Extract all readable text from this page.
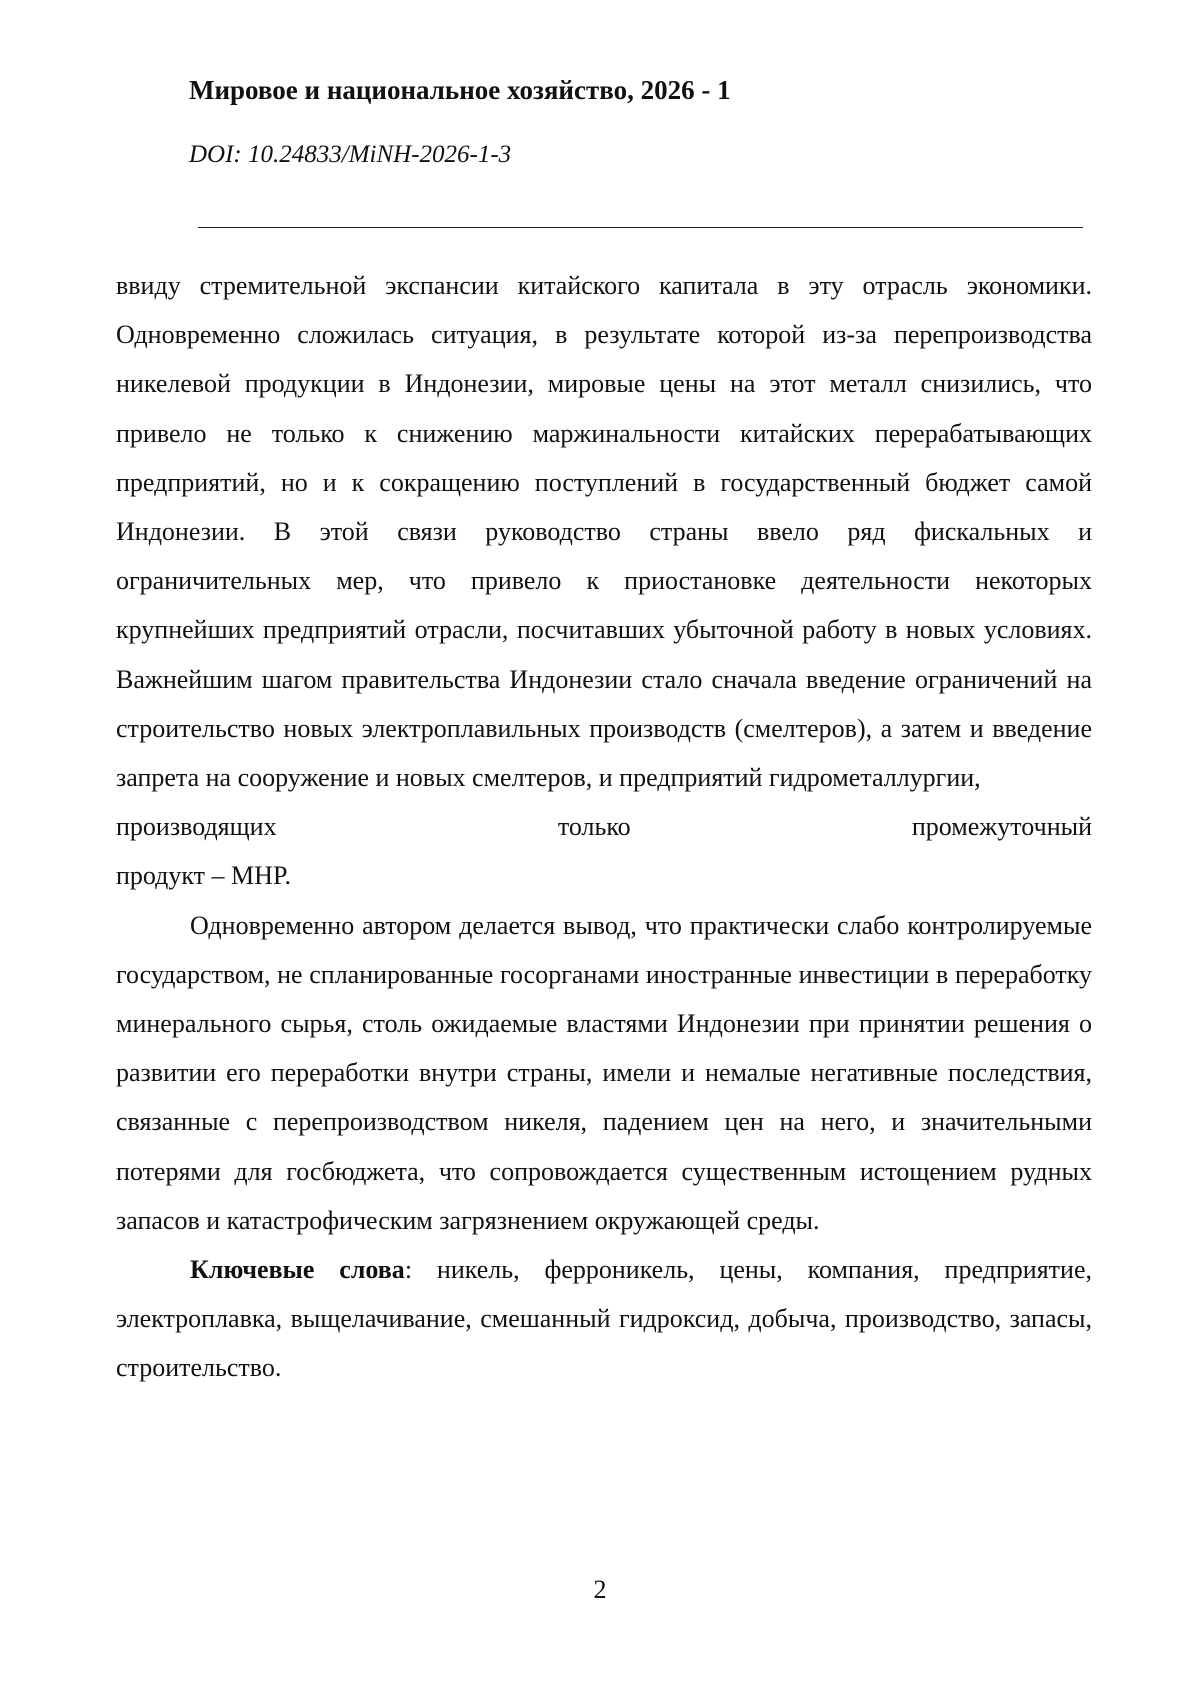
Мировое и национальное хозяйство, 2026 - 1
DOI: 10.24833/MiNH-2026-1-3

ввиду стремительной экспансии китайского капитала в эту отрасль экономики. Одновременно сложилась ситуация, в результате которой из-за перепроизводства никелевой продукции в Индонезии, мировые цены на этот металл снизились, что привело не только к снижению маржинальности китайских перерабатывающих предприятий, но и к сокращению поступлений в государственный бюджет самой Индонезии. В этой связи руководство страны ввело ряд фискальных и ограничительных мер, что привело к приостановке деятельности некоторых крупнейших предприятий отрасли, посчитавших убыточной работу в новых условиях. Важнейшим шагом правительства Индонезии стало сначала введение ограничений на строительство новых электроплавильных производств (смелтеров), а затем и введение запрета на сооружение и новых смелтеров, и предприятий гидрометаллургии,
производящих только промежуточный
продукт – MHP.

Одновременно автором делается вывод, что практически слабо контролируемые государством, не спланированные госорганами иностранные инвестиции в переработку минерального сырья, столь ожидаемые властями Индонезии при принятии решения о развитии его переработки внутри страны, имели и немалые негативные последствия, связанные с перепроизводством никеля, падением цен на него, и значительными потерями для госбюджета, что сопровождается существенным истощением рудных запасов и катастрофическим загрязнением окружающей среды.

Ключевые слова: никель, ферроникель, цены, компания, предприятие, электроплавка, выщелачивание, смешанный гидроксид, добыча, производство, запасы, строительство.

2
